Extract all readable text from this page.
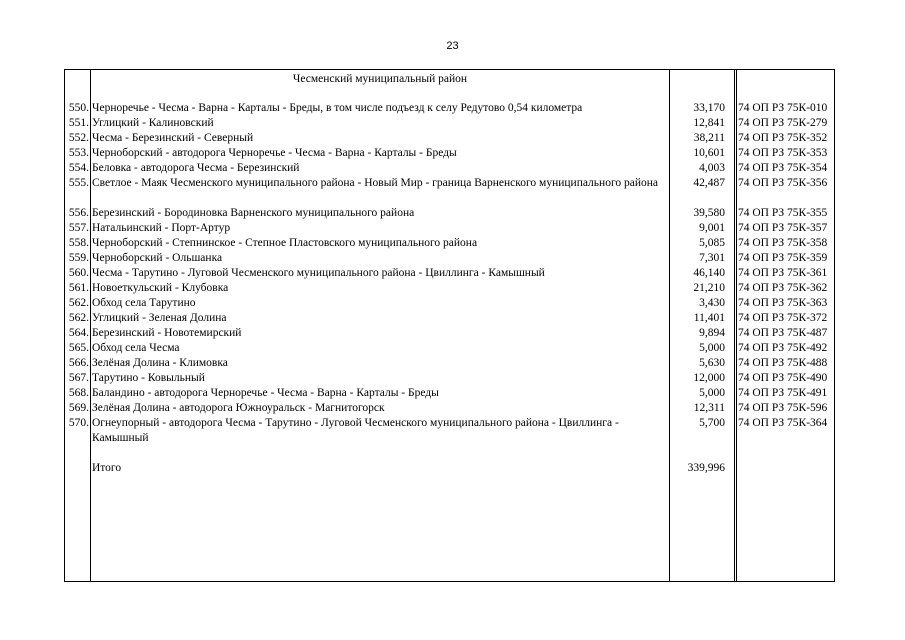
23
Чесменский муниципальный район
550. Черноречье - Чесма - Варна - Карталы - Бреды, в том числе подъезд к селу Редутово 0,54 километра	33,170 74 ОП РЗ 75К-010
551. Углицкий - Калиновский	12,841 74 ОП РЗ 75К-279
552. Чесма - Березинский - Северный	38,211 74 ОП РЗ 75К-352
553. Черноборский - автодорога Черноречье - Чесма - Варна - Карталы - Бреды	10,601 74 ОП РЗ 75К-353
554. Беловка - автодорога Чесма - Березинский	4,003 74 ОП РЗ 75К-354
555. Светлое - Маяк Чесменского муниципального района - Новый Мир - граница Варненского муниципального района	42,487 74 ОП РЗ 75К-356
556. Березинский - Бородиновка Варненского муниципального района	39,580 74 ОП РЗ 75К-355
557. Натальинский - Порт-Артур	9,001 74 ОП РЗ 75К-357
558. Черноборский - Степнинское - Степное Пластовского муниципального района	5,085 74 ОП РЗ 75К-358
559. Черноборский - Ольшанка	7,301 74 ОП РЗ 75К-359
560. Чесма - Тарутино - Луговой Чесменского муниципального района - Цвиллинга - Камышный	46,140 74 ОП РЗ 75К-361
561. Новоеткульский - Клубовка	21,210 74 ОП РЗ 75К-362
562. Обход села Тарутино	3,430 74 ОП РЗ 75К-363
562. Углицкий - Зеленая Долина	11,401 74 ОП РЗ 75К-372
564. Березинский - Новотемирский	9,894 74 ОП РЗ 75К-487
565. Обход села Чесма	5,000 74 ОП РЗ 75К-492
566. Зелёная Долина - Климовка	5,630 74 ОП РЗ 75К-488
567. Тарутино - Ковыльный	12,000 74 ОП РЗ 75К-490
568. Баландино - автодорога Черноречье - Чесма - Варна - Карталы - Бреды	5,000 74 ОП РЗ 75К-491
569. Зелёная Долина - автодорога Южноуральск - Магнитогорск	12,311 74 ОП РЗ 75К-596
570. Огнеупорный - автодорога Чесма - Тарутино - Луговой Чесменского муниципального района - Цвиллинга - Камышный
5,700 74 ОП РЗ 75К-364
Итого	339,996
